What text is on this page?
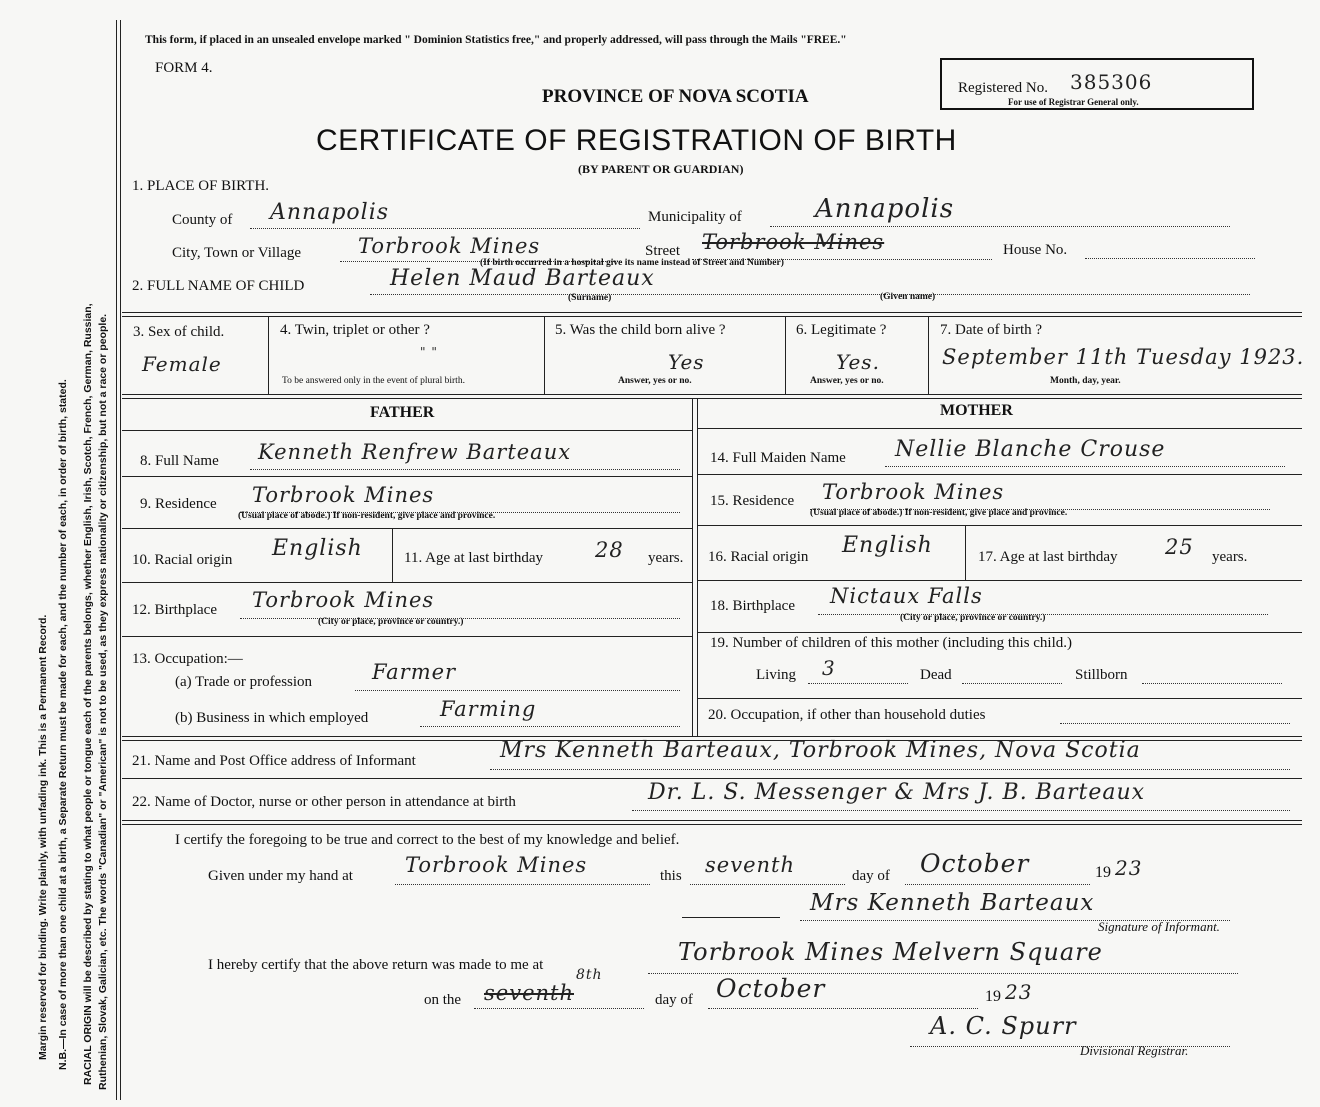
Margin reserved for binding. Write plainly, with unfading ink. This is a Permanent Record. N.B.—In case of more than one child at a birth, a Separate Return must be made for each, and the number of each, in order of birth, stated. RACIAL ORIGIN will be described by stating to what people or tongue each of the parents belongs, whether English, Irish, Scotch, French, German, Russian, Ruthenian, Slovak, Galician, etc. The words "Canadian" or "American" is not to be used, as they express nationality or citizenship, but not a race or people.
This form, if placed in an unsealed envelope marked " Dominion Statistics free," and properly addressed, will pass through the Mails "FREE."
FORM 4.
PROVINCE OF NOVA SCOTIA
CERTIFICATE OF REGISTRATION OF BIRTH
(BY PARENT OR GUARDIAN)
Registered No. 385306
For use of Registrar General only.
1. PLACE OF BIRTH.
County of Annapolis	Municipality of	Annapolis
City, Town or Village	Torbrook Mines	Street Torbrook Mines	House No.
(If birth occurred in a hospital give its name instead of Street and Number)
2. FULL NAME OF CHILD	Helen Maud Barteaux
(Surname)	(Given name)
3. Sex of child.
Female
4. Twin, triplet or other ?
" "
To be answered only in the event of plural birth.
5. Was the child born alive ?
Yes
Answer, yes or no.
6. Legitimate ?
Yes.
Answer, yes or no.
7. Date of birth ?
September 11th Tuesday 1923.
Month, day, year.
FATHER	MOTHER
8. Full Name Kenneth Renfrew Barteaux
9. Residence Torbrook Mines
(Usual place of abode.) If non-resident, give place and province.
10. Racial origin English	11. Age at last birthday 28 years.
12. Birthplace Torbrook Mines
(City or place, province or country.)
13. Occupation:—
(a) Trade or profession	Farmer
(b) Business in which employed	Farming
14. Full Maiden Name Nellie Blanche Crouse
15. Residence Torbrook Mines
(Usual place of abode.) If non-resident, give place and province.
16. Racial origin English	17. Age at last birthday 25 years.
18. Birthplace Nictaux Falls
(City or place, province or country.)
19. Number of children of this mother (including this child.)
Living 3	Dead	Stillborn
20. Occupation, if other than household duties
21. Name and Post Office address of Informant	Mrs Kenneth Barteaux, Torbrook Mines, Nova Scotia
22. Name of Doctor, nurse or other person in attendance at birth	Dr. L. S. Messenger & Mrs J. B. Barteaux
I certify the foregoing to be true and correct to the best of my knowledge and belief.
Given under my hand at Torbrook Mines	this seventh	day of October	19 23
Mrs Kenneth Barteaux
Signature of Informant.
I hereby certify that the above return was made to me at	Torbrook Mines Melvern Square
on the seventh
8th
day of October	19 23
A. C. Spurr
Divisional Registrar.
